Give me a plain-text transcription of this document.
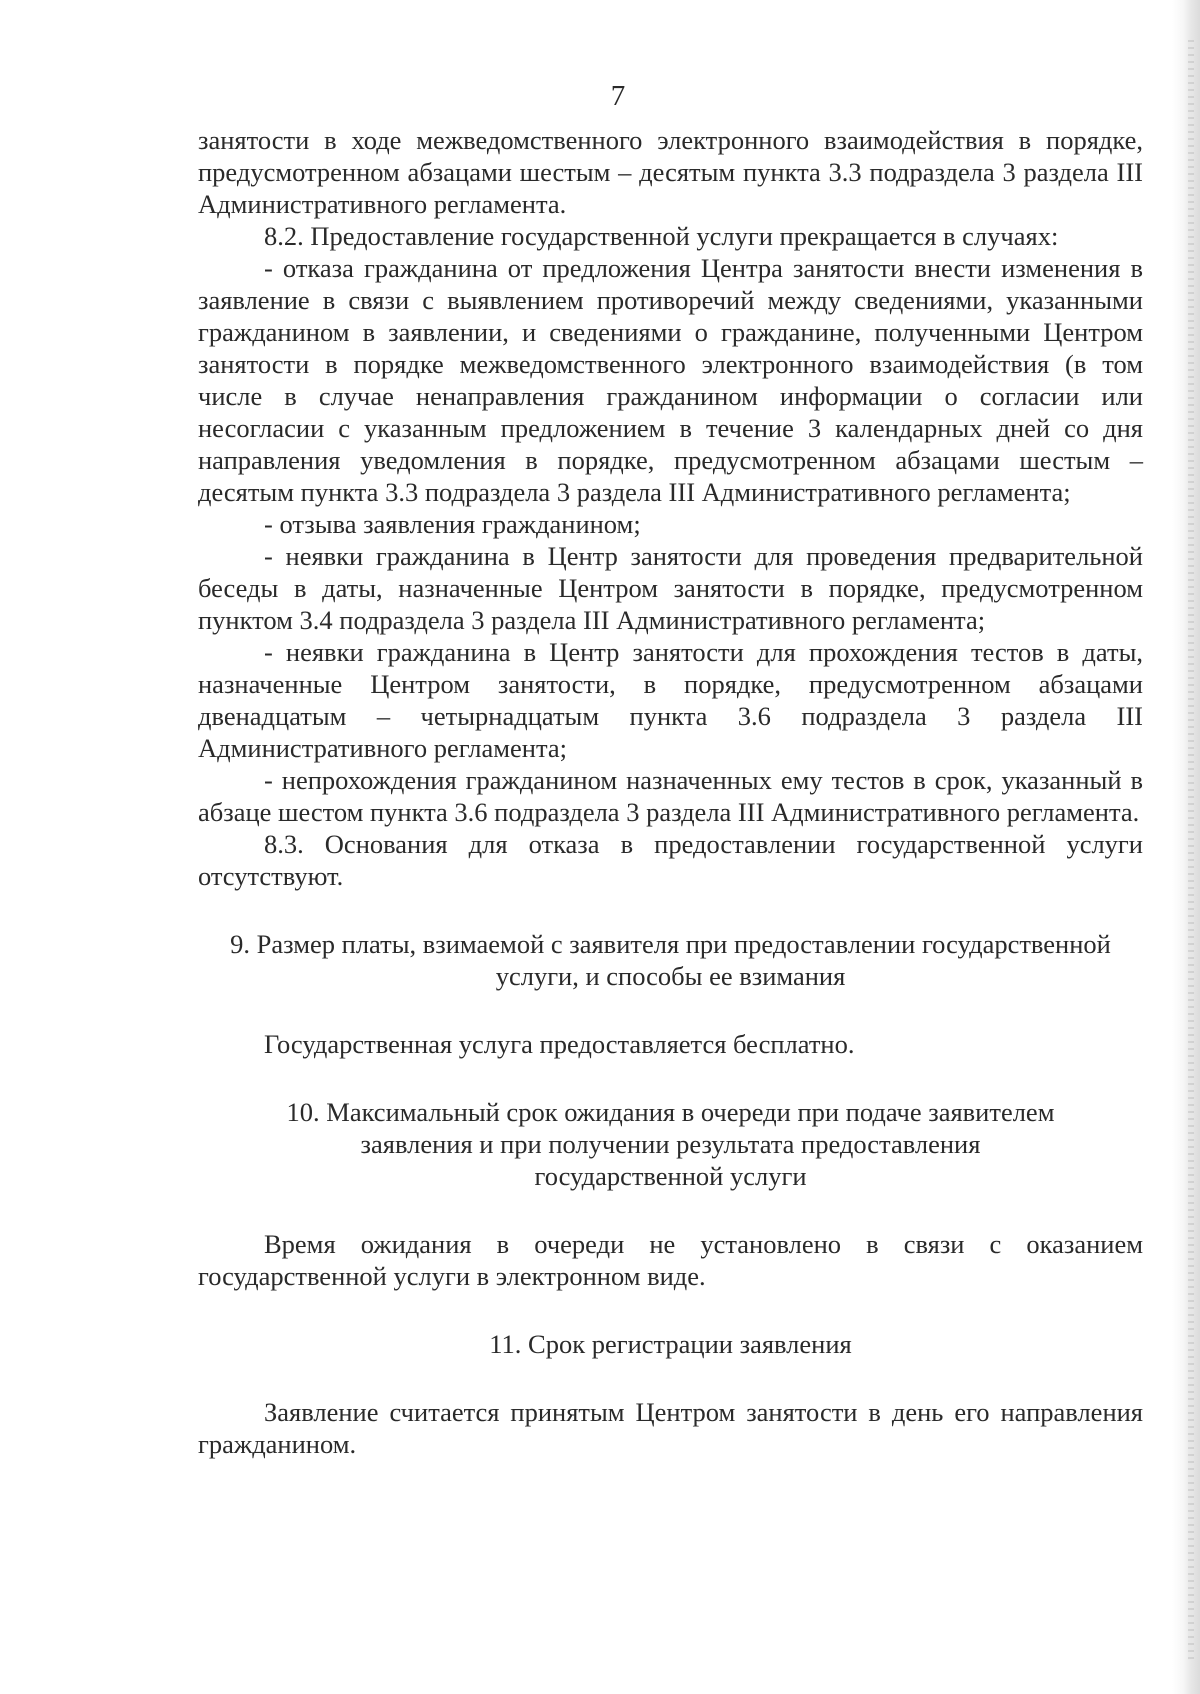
7

занятости в ходе межведомственного электронного взаимодействия в порядке, предусмотренном абзацами шестым – десятым пункта 3.3 подраздела 3 раздела III Административного регламента.

8.2. Предоставление государственной услуги прекращается в случаях:

- отказа гражданина от предложения Центра занятости внести изменения в заявление в связи с выявлением противоречий между сведениями, указанными гражданином в заявлении, и сведениями о гражданине, полученными Центром занятости в порядке межведомственного электронного взаимодействия (в том числе в случае ненаправления гражданином информации о согласии или несогласии с указанным предложением в течение 3 календарных дней со дня направления уведомления в порядке, предусмотренном абзацами шестым – десятым пункта 3.3 подраздела 3 раздела III Административного регламента;

- отзыва заявления гражданином;

- неявки гражданина в Центр занятости для проведения предварительной беседы в даты, назначенные Центром занятости в порядке, предусмотренном пунктом 3.4 подраздела 3 раздела III Административного регламента;

- неявки гражданина в Центр занятости для прохождения тестов в даты, назначенные Центром занятости, в порядке, предусмотренном абзацами двенадцатым – четырнадцатым пункта 3.6 подраздела 3 раздела III Административного регламента;

- непрохождения гражданином назначенных ему тестов в срок, указанный в абзаце шестом пункта 3.6 подраздела 3 раздела III Административного регламента.

8.3. Основания для отказа в предоставлении государственной услуги отсутствуют.

9. Размер платы, взимаемой с заявителя при предоставлении государственной
услуги, и способы ее взимания

Государственная услуга предоставляется бесплатно.

10. Максимальный срок ожидания в очереди при подаче заявителем
заявления и при получении результата предоставления
государственной услуги

Время ожидания в очереди не установлено в связи с оказанием государственной услуги в электронном виде.

11. Срок регистрации заявления

Заявление считается принятым Центром занятости в день его направления гражданином.
